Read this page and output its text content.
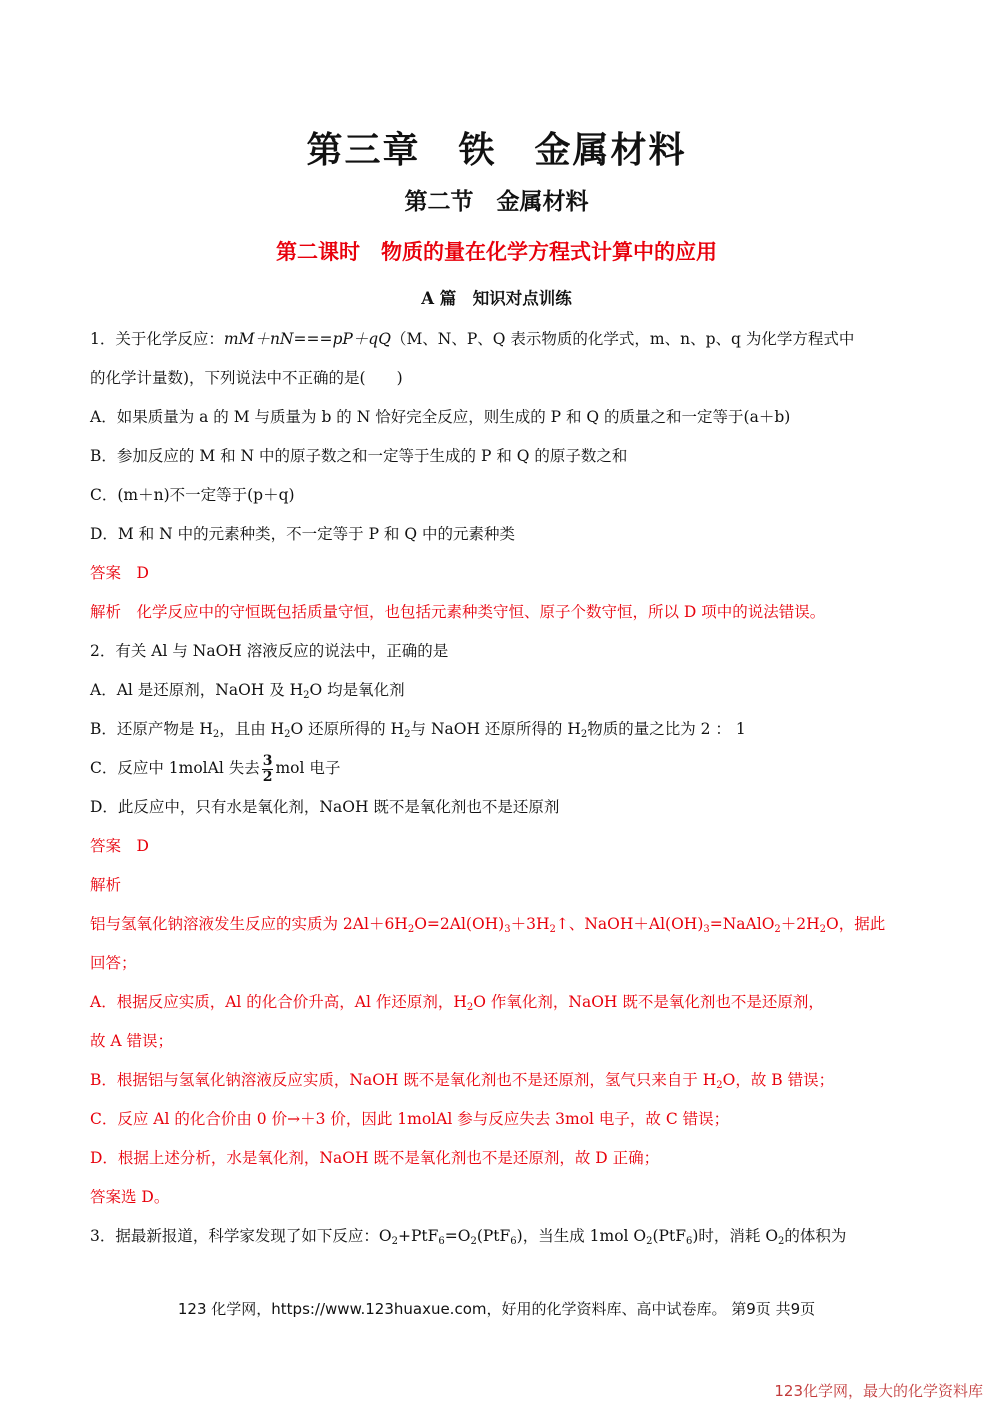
第三章　铁　金属材料
第二节　金属材料
第二课时　物质的量在化学方程式计算中的应用
A 篇　知识对点训练
1．关于化学反应：mM＋nN===pP＋qQ（M、N、P、Q 表示物质的化学式，m、n、p、q 为化学方程式中
的化学计量数)，下列说法中不正确的是(　　)
A．如果质量为 a 的 M 与质量为 b 的 N 恰好完全反应，则生成的 P 和 Q 的质量之和一定等于(a＋b)
B．参加反应的 M 和 N 中的原子数之和一定等于生成的 P 和 Q 的原子数之和
C．(m＋n)不一定等于(p＋q)
D．M 和 N 中的元素种类，不一定等于 P 和 Q 中的元素种类
答案　D
解析　化学反应中的守恒既包括质量守恒，也包括元素种类守恒、原子个数守恒，所以 D 项中的说法错误。
2．有关 Al 与 NaOH 溶液反应的说法中，正确的是
A．Al 是还原剂，NaOH 及 $H_2O$ 均是氧化剂
B．还原产物是 $H_2$，且由 $H_2O$ 还原所得的 $H_2$与 NaOH 还原所得的 $H_2$物质的量之比为 2 ： 1
C．反应中 1molAl 失去 $\frac{3}{2}$ mol 电子
D．此反应中，只有水是氧化剂，NaOH 既不是氧化剂也不是还原剂
答案　D
解析
铝与氢氧化钠溶液发生反应的实质为 $2Al+6H_2O=2Al(OH)_3+3H_2↑$、$NaOH+Al(OH)_3=NaAlO_2+2H_2O$，据此
回答；
A．根据反应实质，Al 的化合价升高，Al 作还原剂，$H_2O$ 作氧化剂，NaOH 既不是氧化剂也不是还原剂，
故 A 错误；
B．根据铝与氢氧化钠溶液反应实质，NaOH 既不是氧化剂也不是还原剂，氢气只来自于 $H_2O$，故 B 错误；
C．反应 Al 的化合价由 0 价→＋3 价，因此 1molAl 参与反应失去 3mol 电子，故 C 错误；
D．根据上述分析，水是氧化剂，NaOH 既不是氧化剂也不是还原剂，故 D 正确；
答案选 D。
3．据最新报道，科学家发现了如下反应：$O_2+PtF_6=O_2(PtF_6)$，当生成 1mol $O_2(PtF_6)$时，消耗 $O_2$的体积为
123 化学网，https://www.123huaxue.com，好用的化学资料库、高中试卷库。 第9页 共9页
123化学网，最大的化学资料库
